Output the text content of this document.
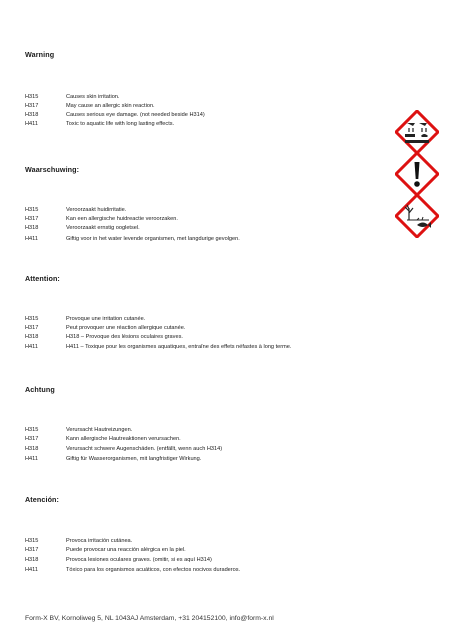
Warning
H315	Causes skin irritation.
H317	May cause an allergic skin reaction.
H318	Causes serious eye damage. (not needed beside H314)
H411	Toxic to aquatic life with long lasting effects.
Waarschuwing:
H315	Veroorzaakt huidirritatie.
H317	Kan een allergische huidreactie veroorzaken.
H318	Veroorzaakt ernstig oogletsel.
H411	Giftig voor in het water levende organismen, met langdurige gevolgen.
Attention:
H315	Provoque une irritation cutanée.
H317	Peut provoquer une réaction allergique cutanée.
H318	H318 – Provoque des lésions oculaires graves.
H411	H411 – Toxique pour les organismes aquatiques, entraîne des effets néfastes à long terme.
Achtung
H315	Verursacht Hautreizungen.
H317	Kann allergische Hautreaktionen verursachen.
H318	Verursacht schwere Augenschäden. (entfällt, wenn auch H314)
H411	Giftig für Wasserorganismen, mit langfristiger Wirkung.
Atención:
H315	Provoca irritación cutánea.
H317	Puede provocar una reacción alérgica en la piel.
H318	Provoca lesiones oculares graves. (omitir, si es aquí H314)
H411	Tóxico para los organismos acuáticos, con efectos nocivos duraderos.
Form-X BV, Kornoliweg 5, NL 1043AJ Amsterdam, +31 204152100, info@form-x.nl
